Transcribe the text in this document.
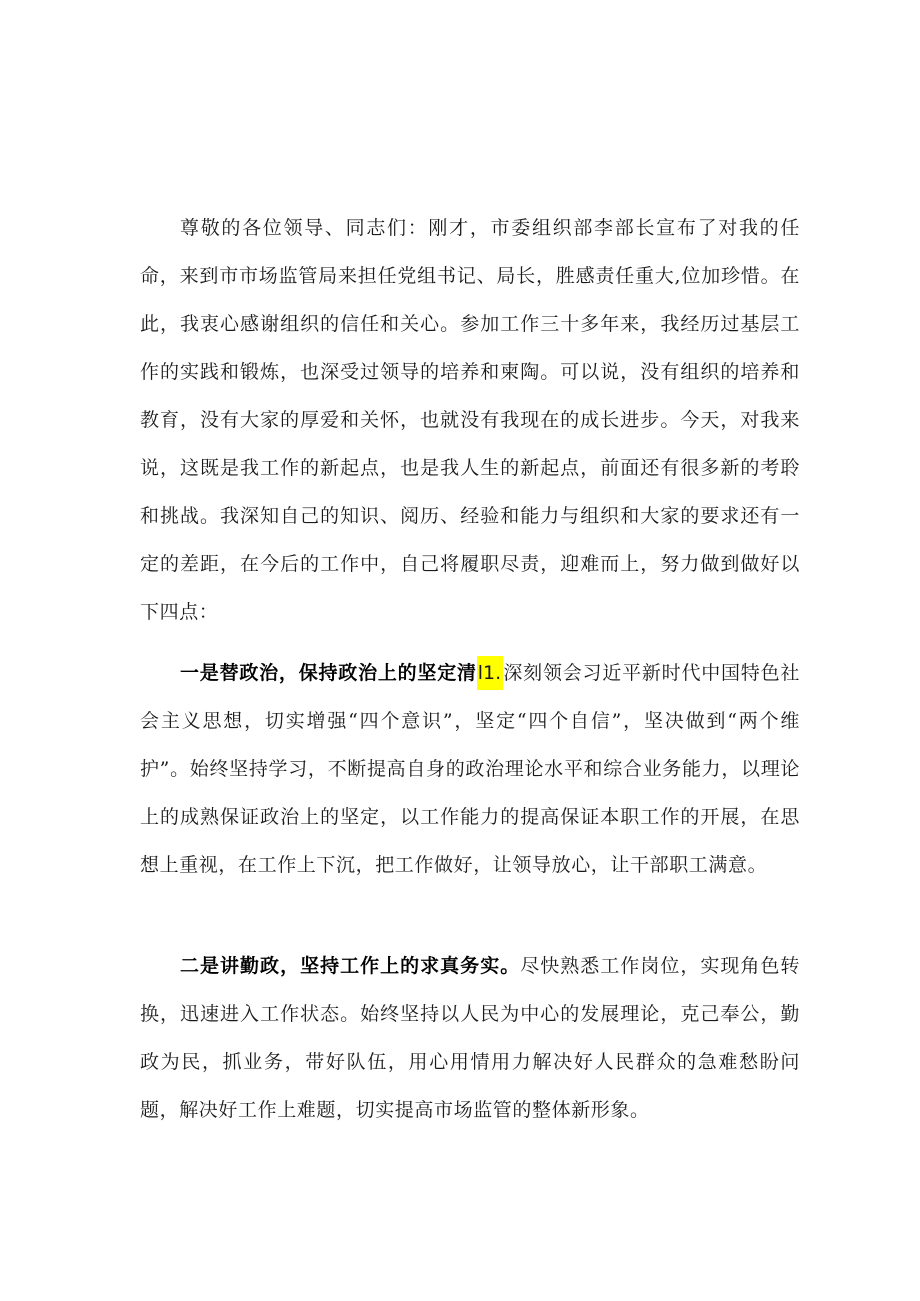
尊敬的各位领导、同志们：刚才，市委组织部李部长宣布了对我的任命，来到市市场监管局来担任党组书记、局长，胜感责任重大,位加珍惜。在此，我衷心感谢组织的信任和关心。参加工作三十多年来，我经历过基层工作的实践和锻炼，也深受过领导的培养和柬陶。可以说，没有组织的培养和教育，没有大家的厚爱和关怀，也就没有我现在的成长进步。今天，对我来说，这既是我工作的新起点，也是我人生的新起点，前面还有很多新的考聆和挑战。我深知自己的知识、阅历、经验和能力与组织和大家的要求还有一定的差距，在今后的工作中，自己将履职尽责，迎难而上，努力做到做好以下四点：

一是替政治，保持政治上的坚定清l1. 深刻领会习近平新时代中国特色社会主义思想，切实增强“四个意识”，坚定“四个自信”，坚决做到“两个维护”。始终坚持学习，不断提高自身的政治理论水平和综合业务能力，以理论上的成熟保证政治上的坚定，以工作能力的提高保证本职工作的开展，在思想上重视，在工作上下沉，把工作做好，让领导放心，让干部职工满意。

二是讲勤政，坚持工作上的求真务实。尽快熟悉工作岗位，实现角色转换，迅速进入工作状态。始终坚持以人民为中心的发展理论，克己奉公，勤政为民，抓业务，带好队伍，用心用情用力解决好人民群众的急难愁盼问题，解决好工作上难题，切实提高市场监管的整体新形象。
